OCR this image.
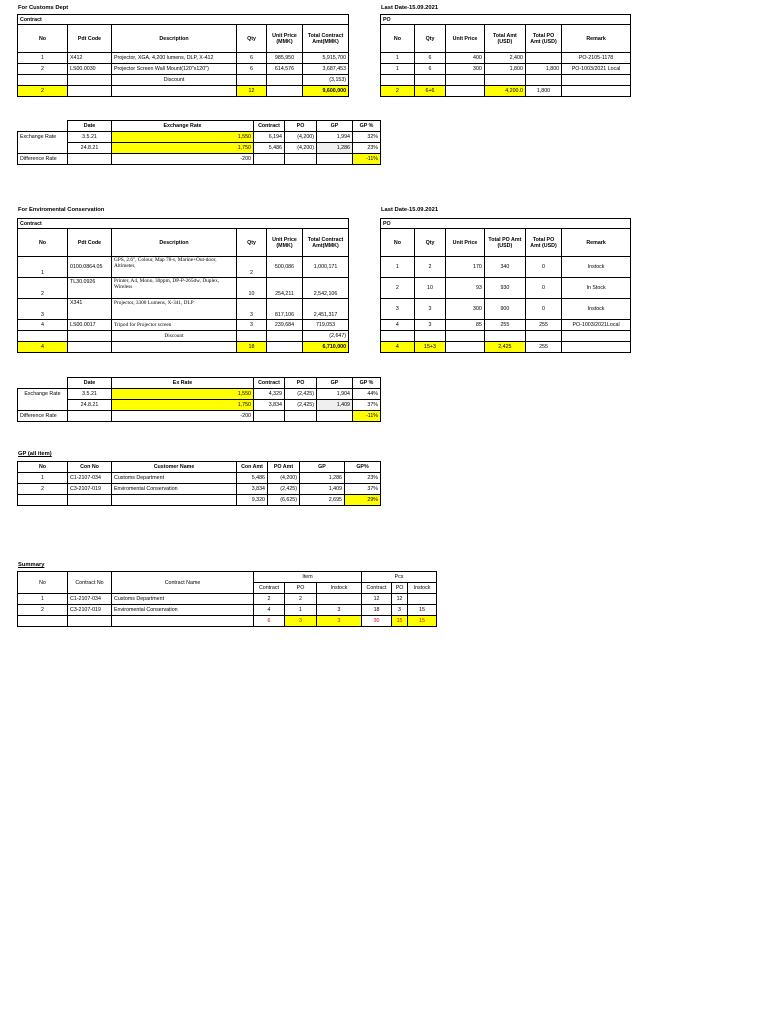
For Customs Dept	Last Date-15.09.2021
Contract					
No	Pdt Code	Description	Qty	Unit Price (MMK)	Total Contract Amt(MMK)
1	X412	Projector, XGA, 4,200 lumens, DLP, X-412	6	985,950	5,915,700
2	LS00.0030	Projector Screen Wall Mount(120"x120")	6	614,576	3,687,453
		Discount			(3,153)
2			12		9,600,000
PO					
No	Qty	Unit Price	Total Amt (USD)	Total PO Amt (USD)	Remark
1	6	400	2,400		PO-2105-1178
1	6	300	1,800	1,800	PO-1003/2021 Local

2	6+6		4,200.0	1,800	
	Date	Exchange Rate	Contract	PO	GP	GP %
Exchange Rate	3.5.21	1,550	6,194	(4,200)	1,994	32%
	24.8.21	1,750	5,486	(4,200)	1,286	23%
Difference Rate		-200				-11%
For Enviromental Conservation	Last Date-15.09.2021
Contract					
No	Pdt Code	Description	Qty	Unit Price (MMK)	Total Contract Amt(MMK)
1	0100.0864.05	GPS, 2.6", Colour, Map 78-s, Marine+Out-door, Altimeter,	2	500,086	1,000,171
2	TL30.0926	Printer, A4, Mono, 30ppm, DP-P-265dw, Duplex, Wireless	10	254,211	2,542,106
3	X341	Projector, 3300 Lumens, X-341, DLP	3	817,106	2,451,317
4	LS00.0017	Tripod for Projector screen	3	239,684	719,053
		Discount			(2,647)
4			18		6,710,000
PO					
No	Qty	Unit Price	Total PO Amt (USD)	Total PO Amt (USD)	Remark
1	2	170	340	0	Instock
2	10	93	930	0	In Stock
3	3	300	900	0	Instock
4	3	85	255	255	PO-1003/2021Local

4	15+3		2,425	255	
	Date	Ex Rate	Contract	PO	GP	GP %
Exchange Rate	3.5.21	1,550	4,329	(2,425)	1,904	44%
	24.8.21	1,750	3,834	(2,425)	1,409	37%
Difference Rate		-200				-11%
GP (all item)
No	Con No	Customer Name	Con Amt	PO Amt	GP	GP%
1	C1-2107-034	Customs Department	5,486	(4,200)	1,286	23%
2	C3-2107-019	Enviromental Conservation	3,834	(2,425)	1,409	37%
			9,320	(6,625)	2,695	29%
Summary
No	Contract No	Contract Name	Item			Pcs		
			Contract	PO	Instock	Contract	PO	Instock
1	C1-2107-034	Customs Department	2	2		12	12	
2	C3-2107-019	Enviromental Conservation	4	1	3	18	3	15
			6	3	3	30	15	15
